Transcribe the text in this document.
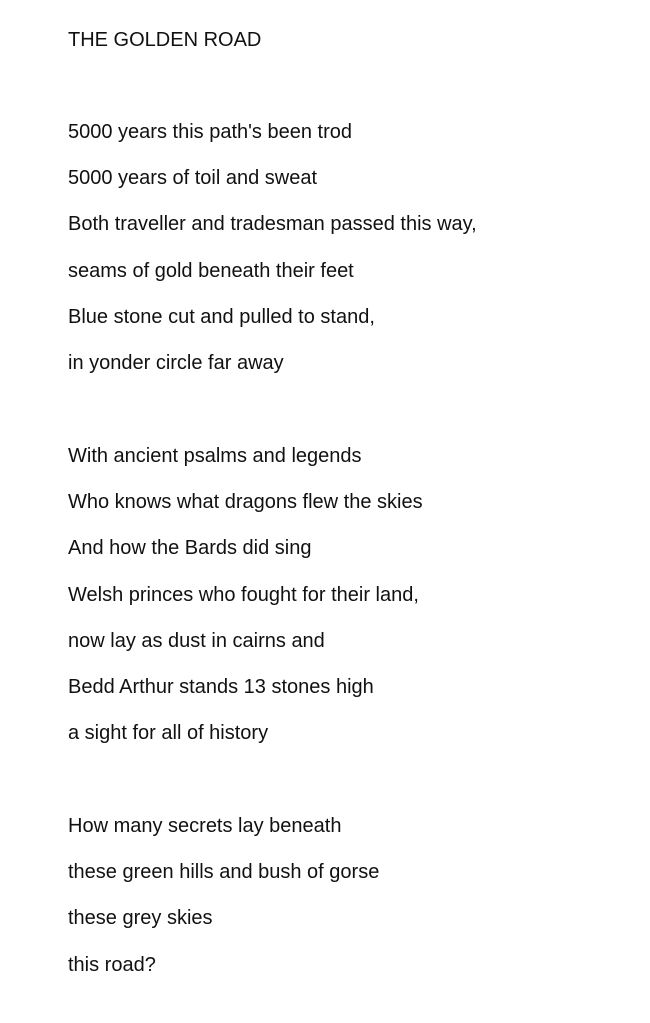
THE GOLDEN ROAD
5000 years this path's been trod
5000 years of toil and sweat
Both traveller and tradesman passed this way,
seams of gold beneath their feet
Blue stone cut and pulled to stand,
in yonder circle far away
With ancient psalms and legends
Who knows what dragons flew the skies
And how the Bards did sing
Welsh princes who fought for their land,
now lay as dust in cairns and
Bedd Arthur stands 13 stones high
a sight for all of history
How many secrets lay beneath
these green hills and bush of gorse
these grey skies
this road?
